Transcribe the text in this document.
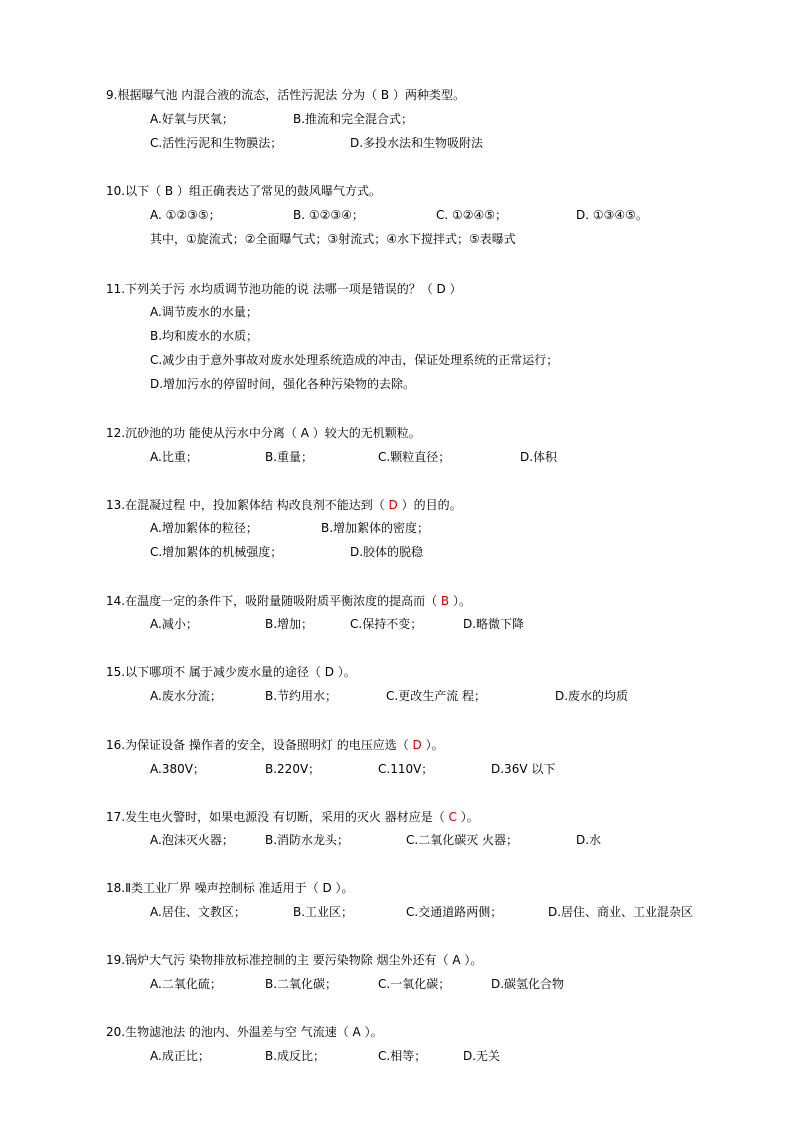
9.根据曝气池 内混合液的流态，活性污泥法 分为（ B ）两种类型。
A.好氧与厌氧；	B.推流和完全混合式；
C.活性污泥和生物膜法；	D.多投水法和生物吸附法
10.以下（ B ）组正确表达了常见的鼓风曝气方式。
A. ①②③⑤；	B. ①②③④；	C. ①②④⑤；	D. ①③④⑤。
其中，①旋流式；②全面曝气式；③射流式；④水下搅拌式；⑤表曝式
11.下列关于污 水均质调节池功能的说 法哪一项是错误的？（ D ）
A.调节废水的水量；
B.均和废水的水质；
C.减少由于意外事故对废水处理系统造成的冲击，保证处理系统的正常运行；
D.增加污水的停留时间，强化各种污染物的去除。
12.沉砂池的功 能使从污水中分离（ A ）较大的无机颗粒。
A.比重；	B.重量；	C.颗粒直径；	D.体积
13.在混凝过程 中，投加絮体结 构改良剂不能达到（ D ）的目的。
A.增加絮体的粒径；	B.增加絮体的密度；
C.增加絮体的机械强度；	D.胶体的脱稳
14.在温度一定的条件下，吸附量随吸附质平衡浓度的提高而（ B ）。
A.减小；	B.增加；	C.保持不变；	D.略微下降
15.以下哪项不 属于减少废水量的途径（ D ）。
A.废水分流；	B.节约用水；	C.更改生产流 程；	D.废水的均质
16.为保证设备 操作者的安全，设备照明灯 的电压应选（ D ）。
A.380V；	B.220V；	C.110V；	D.36V 以下
17.发生电火警时，如果电源没 有切断，采用的灭火 器材应是（ C ）。
A.泡沫灭火器；	B.消防水龙头；	C.二氧化碳灭 火器；	D.水
18.Ⅱ类工业厂界 噪声控制标 准适用于（ D ）。
A.居住、文教区；	B.工业区；	C.交通道路两侧；	D.居住、商业、工业混杂区
19.锅炉大气污 染物排放标准控制的主 要污染物除 烟尘外还有（ A ）。
A.二氧化硫；	B.二氧化碳；	C.一氧化碳；	D.碳氢化合物
20.生物滤池法 的池内、外温差与空 气流速（ A ）。
A.成正比；	B.成反比；	C.相等；	D.无关
